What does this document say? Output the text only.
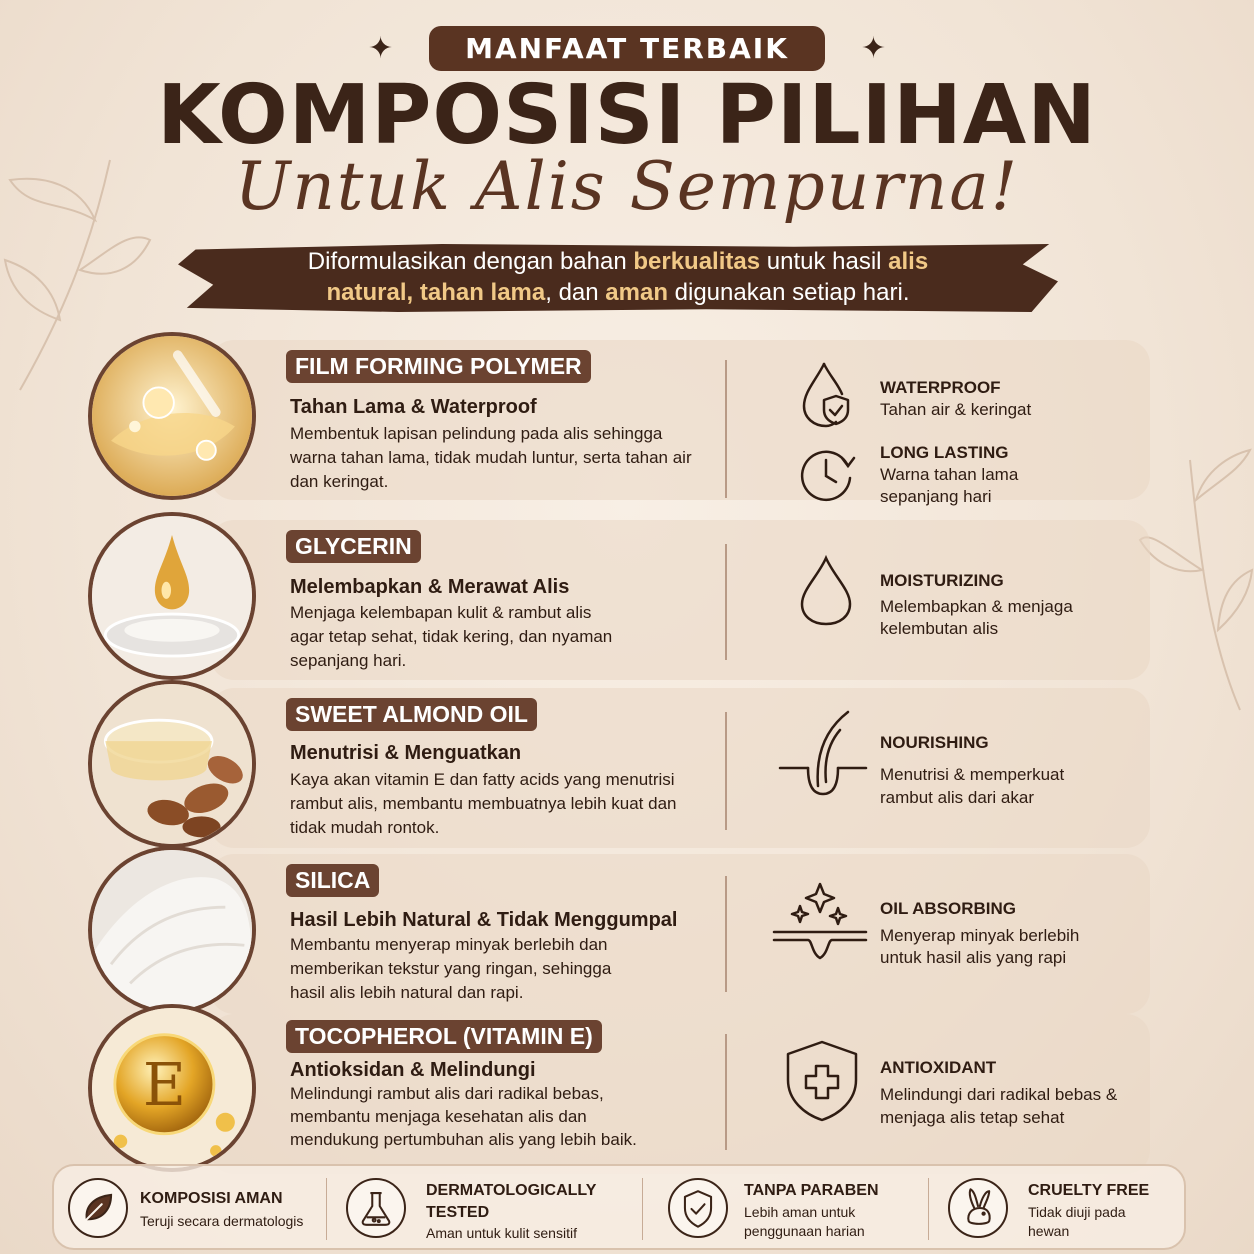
✦	MANFAAT TERBAIK	✦
KOMPOSISI PILIHAN
Untuk Alis Sempurna!
Diformulasikan dengan bahan berkualitas untuk hasil alis
natural, tahan lama, dan aman digunakan setiap hari.
FILM FORMING POLYMER
Tahan Lama & Waterproof
Membentuk lapisan pelindung pada alis sehingga warna tahan lama, tidak mudah luntur, serta tahan air dan keringat.
WATERPROOF
Tahan air & keringat
LONG LASTING
Warna tahan lama sepanjang hari
GLYCERIN
Melembapkan & Merawat Alis
Menjaga kelembapan kulit & rambut alis agar tetap sehat, tidak kering, dan nyaman sepanjang hari.
MOISTURIZING
Melembapkan & menjaga kelembutan alis
SWEET ALMOND OIL
Menutrisi & Menguatkan
Kaya akan vitamin E dan fatty acids yang menutrisi rambut alis, membantu membuatnya lebih kuat dan tidak mudah rontok.
NOURISHING
Menutrisi & memperkuat rambut alis dari akar
SILICA
Hasil Lebih Natural & Tidak Menggumpal
Membantu menyerap minyak berlebih dan memberikan tekstur yang ringan, sehingga hasil alis lebih natural dan rapi.
OIL ABSORBING
Menyerap minyak berlebih untuk hasil alis yang rapi
E
TOCOPHEROL (VITAMIN E)
Antioksidan & Melindungi
Melindungi rambut alis dari radikal bebas, membantu menjaga kesehatan alis dan mendukung pertumbuhan alis yang lebih baik.
ANTIOXIDANT
Melindungi dari radikal bebas & menjaga alis tetap sehat
KOMPOSISI AMAN
Teruji secara dermatologis
DERMATOLOGICALLY TESTED
Aman untuk kulit sensitif
TANPA PARABEN
Lebih aman untuk penggunaan harian
CRUELTY FREE
Tidak diuji pada hewan
